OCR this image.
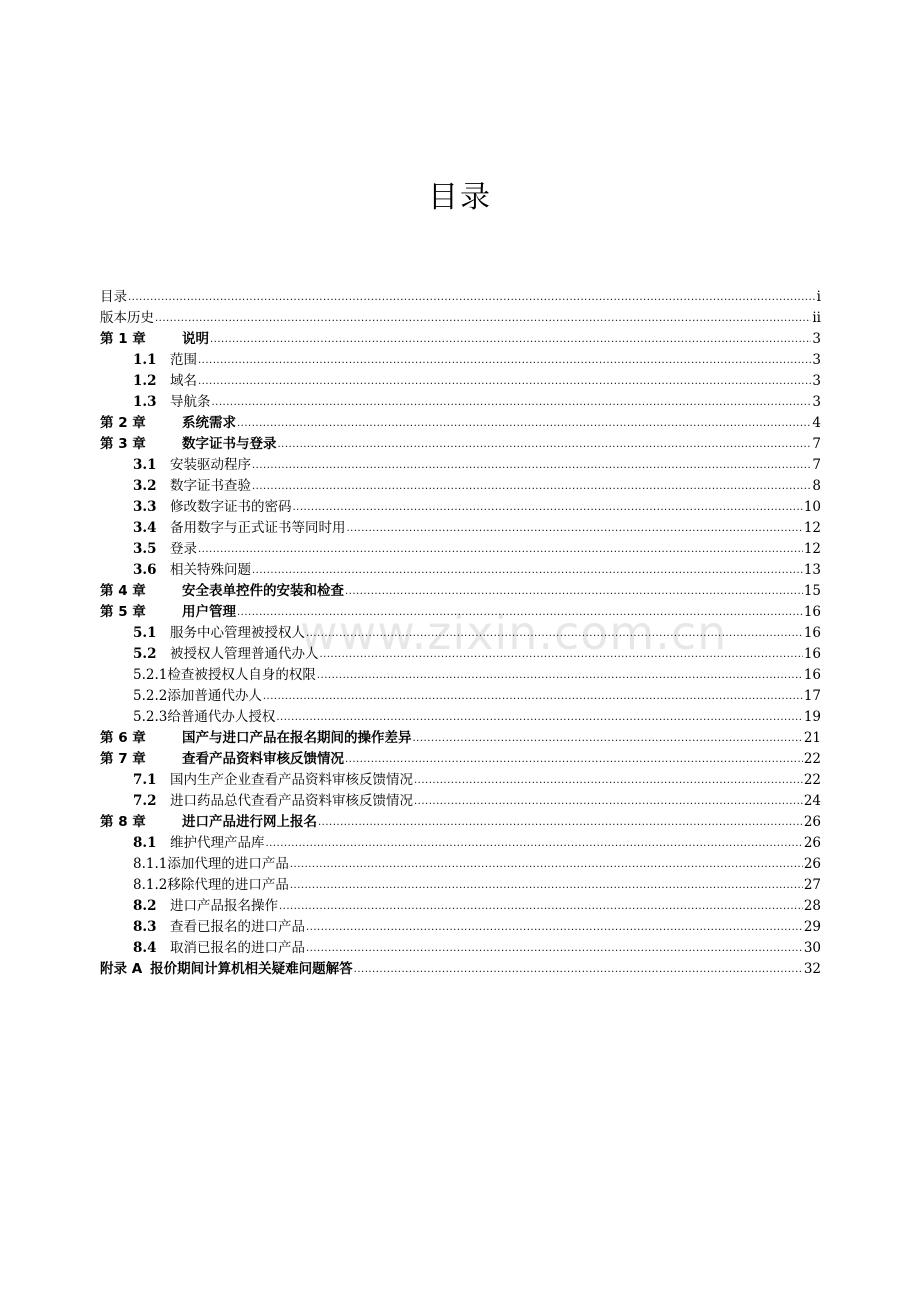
目录
www.zixin.com.cn
目录 .....	i
版本历史 .....	ii
第 1 章	说明 .....	3
1.1	范围 .....	3
1.2	域名 .....	3
1.3	导航条 .....	3
第 2 章	系统需求 .....	4
第 3 章	数字证书与登录 .....	7
3.1	安装驱动程序 .....	7
3.2	数字证书查验 .....	8
3.3	修改数字证书的密码 .....	10
3.4	备用数字与正式证书等同时用 .....	12
3.5	登录 .....	12
3.6	相关特殊问题 .....	13
第 4 章	安全表单控件的安装和检查 .....	15
第 5 章	用户管理 .....	16
5.1	服务中心管理被授权人 .....	16
5.2	被授权人管理普通代办人 .....	16
5.2.1 检查被授权人自身的权限 .....	16
5.2.2 添加普通代办人 .....	17
5.2.3 给普通代办人授权 .....	19
第 6 章	国产与进口产品在报名期间的操作差异 .....	21
第 7 章	查看产品资料审核反馈情况 .....	22
7.1	国内生产企业查看产品资料审核反馈情况 .....	22
7.2	进口药品总代查看产品资料审核反馈情况 .....	24
第 8 章	进口产品进行网上报名 .....	26
8.1	维护代理产品库 .....	26
8.1.1 添加代理的进口产品 .....	26
8.1.2 移除代理的进口产品 .....	27
8.2	进口产品报名操作 .....	28
8.3	查看已报名的进口产品 .....	29
8.4	取消已报名的进口产品 .....	30
附录 A 报价期间计算机相关疑难问题解答 .....	32
